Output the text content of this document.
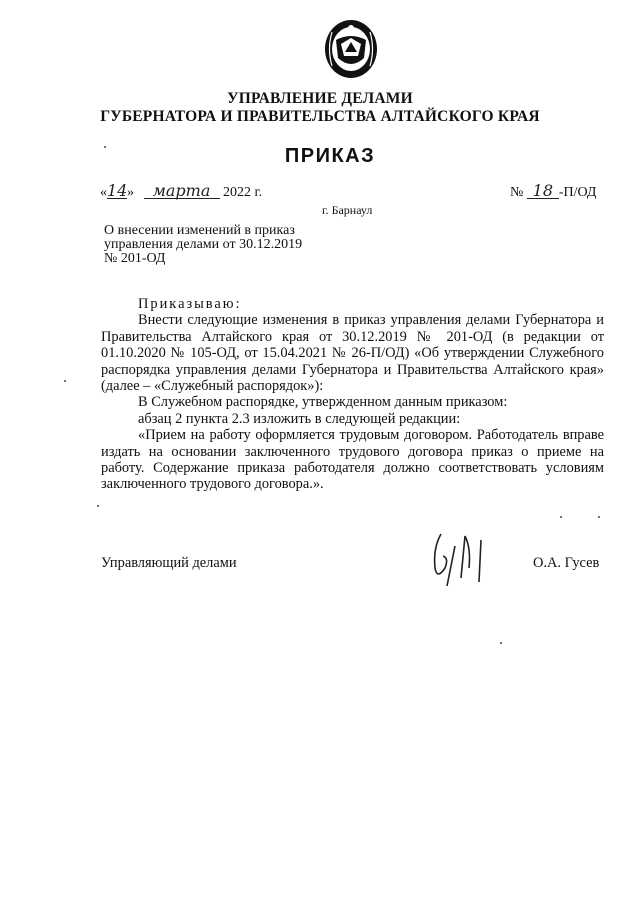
УПРАВЛЕНИЕ ДЕЛАМИ
ГУБЕРНАТОРА И ПРАВИТЕЛЬСТВА АЛТАЙСКОГО КРАЯ
ПРИКАЗ
«14» марта 2022 г.	№ 18 -П/ОД
г. Барнаул
О внесении изменений в приказ
управления делами от 30.12.2019
№ 201-ОД

Приказываю:

Внести следующие изменения в приказ управления делами Губернатора и Правительства Алтайского края от 30.12.2019 № 201-ОД (в редакции от 01.10.2020 № 105-ОД, от 15.04.2021 № 26-П/ОД) «Об утверждении Служебного распорядка управления делами Губернатора и Правительства Алтайского края» (далее – «Служебный распорядок»):

В Служебном распорядке, утвержденном данным приказом:

абзац 2 пункта 2.3 изложить в следующей редакции:

«Прием на работу оформляется трудовым договором. Работодатель вправе издать на основании заключенного трудового договора приказ о приеме на работу. Содержание приказа работодателя должно соответствовать условиям заключенного трудового договора.».

Управляющий делами	О.А. Гусев
